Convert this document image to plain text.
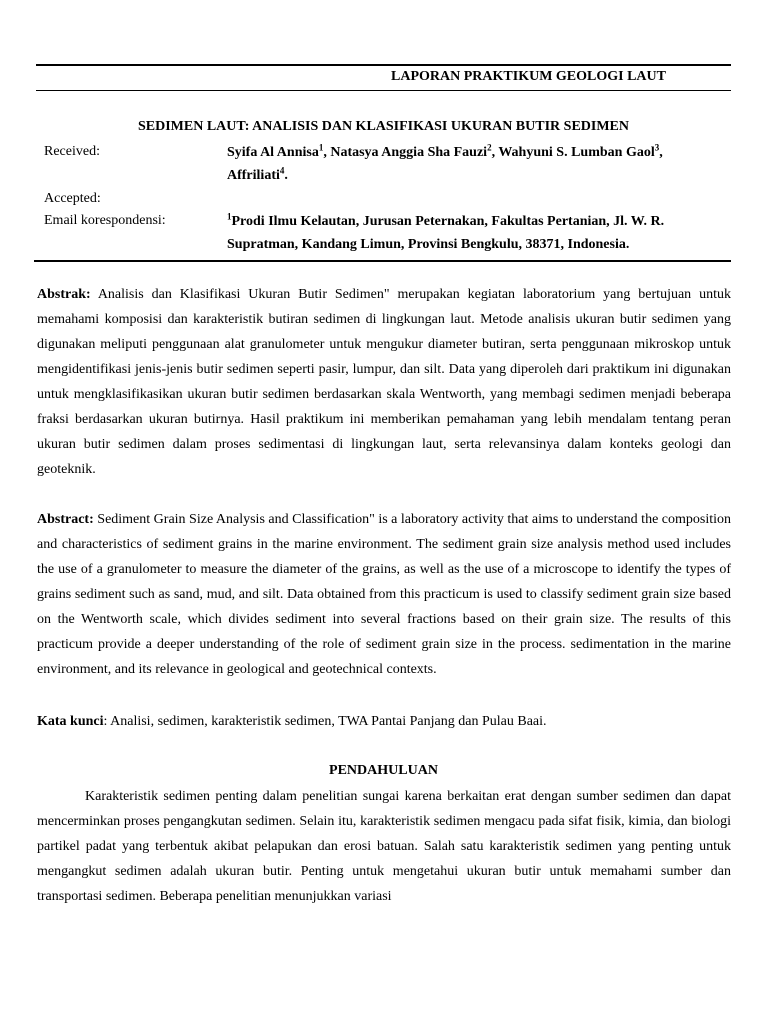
LAPORAN PRAKTIKUM GEOLOGI LAUT
SEDIMEN LAUT: ANALISIS DAN KLASIFIKASI UKURAN BUTIR SEDIMEN
Received:
Accepted:
Email korespondensi:
Syifa Al Annisa$^1$, Natasya Anggia Sha Fauzi$^2$, Wahyuni S. Lumban Gaol$^3$, Affriliati$^4$.
$^1$Prodi Ilmu Kelautan, Jurusan Peternakan, Fakultas Pertanian, Jl. W. R. Supratman, Kandang Limun, Provinsi Bengkulu, 38371, Indonesia.

Abstrak: Analisis dan Klasifikasi Ukuran Butir Sedimen" merupakan kegiatan laboratorium yang bertujuan untuk memahami komposisi dan karakteristik butiran sedimen di lingkungan laut. Metode analisis ukuran butir sedimen yang digunakan meliputi penggunaan alat granulometer untuk mengukur diameter butiran, serta penggunaan mikroskop untuk mengidentifikasi jenis-jenis butir sedimen seperti pasir, lumpur, dan silt. Data yang diperoleh dari praktikum ini digunakan untuk mengklasifikasikan ukuran butir sedimen berdasarkan skala Wentworth, yang membagi sedimen menjadi beberapa fraksi berdasarkan ukuran butirnya. Hasil praktikum ini memberikan pemahaman yang lebih mendalam tentang peran ukuran butir sedimen dalam proses sedimentasi di lingkungan laut, serta relevansinya dalam konteks geologi dan geoteknik.

Abstract: Sediment Grain Size Analysis and Classification" is a laboratory activity that aims to understand the composition and characteristics of sediment grains in the marine environment. The sediment grain size analysis method used includes the use of a granulometer to measure the diameter of the grains, as well as the use of a microscope to identify the types of grains sediment such as sand, mud, and silt. Data obtained from this practicum is used to classify sediment grain size based on the Wentworth scale, which divides sediment into several fractions based on their grain size. The results of this practicum provide a deeper understanding of the role of sediment grain size in the process. sedimentation in the marine environment, and its relevance in geological and geotechnical contexts.

Kata kunci: Analisi, sedimen, karakteristik sedimen, TWA Pantai Panjang dan Pulau Baai.

PENDAHULUAN

Karakteristik sedimen penting dalam penelitian sungai karena berkaitan erat dengan sumber sedimen dan dapat mencerminkan proses pengangkutan sedimen. Selain itu, karakteristik sedimen mengacu pada sifat fisik, kimia, dan biologi partikel padat yang terbentuk akibat pelapukan dan erosi batuan. Salah satu karakteristik sedimen yang penting untuk mengangkut sedimen adalah ukuran butir. Penting untuk mengetahui ukuran butir untuk memahami sumber dan transportasi sedimen. Beberapa penelitian menunjukkan variasi
